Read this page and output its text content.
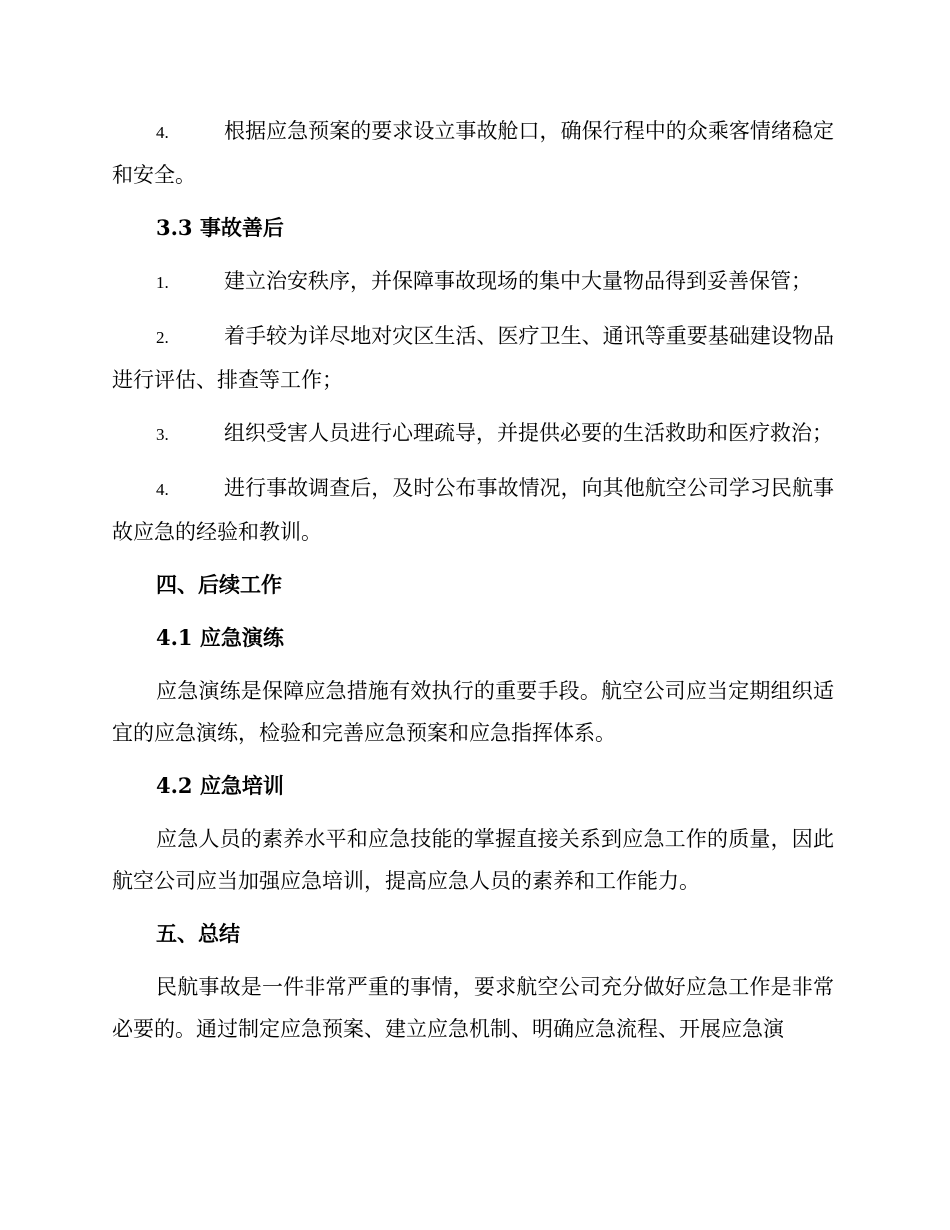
4.	根据应急预案的要求设立事故舱口，确保行程中的众乘客情绪稳定和安全。

3.3 事故善后

1.	建立治安秩序，并保障事故现场的集中大量物品得到妥善保管；

2.	着手较为详尽地对灾区生活、医疗卫生、通讯等重要基础建设物品进行评估、排查等工作；

3.	组织受害人员进行心理疏导，并提供必要的生活救助和医疗救治；

4.	进行事故调查后，及时公布事故情况，向其他航空公司学习民航事故应急的经验和教训。

四、后续工作
4.1 应急演练

应急演练是保障应急措施有效执行的重要手段。航空公司应当定期组织适宜的应急演练，检验和完善应急预案和应急指挥体系。

4.2 应急培训

应急人员的素养水平和应急技能的掌握直接关系到应急工作的质量，因此航空公司应当加强应急培训，提高应急人员的素养和工作能力。

五、总结

民航事故是一件非常严重的事情，要求航空公司充分做好应急工作是非常必要的。通过制定应急预案、建立应急机制、明确应急流程、开展应急演
